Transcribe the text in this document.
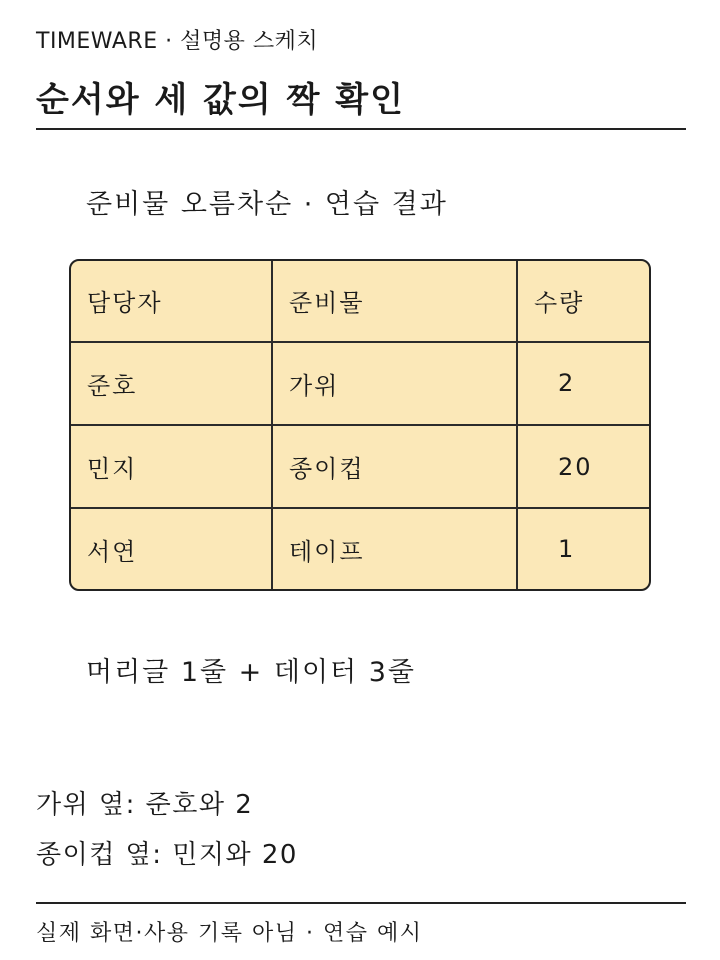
TIMEWARE · 설명용 스케치
순서와 세 값의 짝 확인
준비물 오름차순 · 연습 결과
담당자	준비물	수량
준호	가위	2
민지	종이컵	20
서연	테이프	1
머리글 1줄 + 데이터 3줄
가위 옆: 준호와 2
종이컵 옆: 민지와 20
실제 화면·사용 기록 아님 · 연습 예시
